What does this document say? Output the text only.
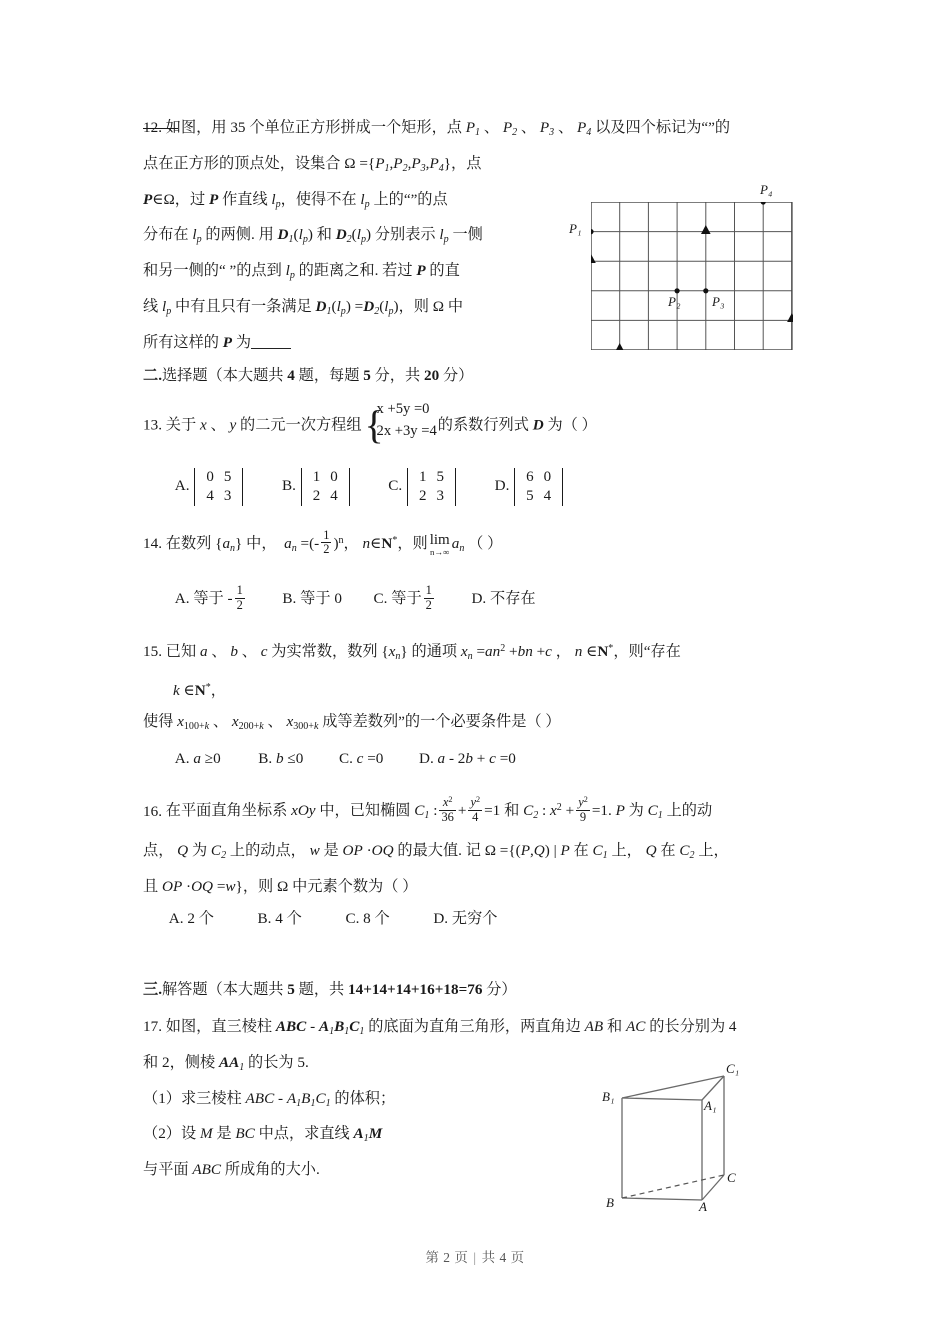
12. 如图，用 35 个单位正方形拼成一个矩形，点 $P_1$ 、 $P_2$ 、 $P_3$ 、 $P_4$ 以及四个标记为“”的
点在正方形的顶点处，设集合 $\Omega =\{P_1,P_2,P_3,P_4\}$，点
P∈Ω，过 P 作直线 $l_p$，使得不在 $l_p$ 上的“”的点
分布在 $l_p$ 的两侧. 用 $D_1(l_p)$ 和 $D_2(l_p)$ 分别表示 $l_p$ 一侧
和另一侧的“ ”的点到 $l_p$ 的距离之和. 若过 P 的直
线 $l_p$ 中有且只有一条满足 $D_1(l_p) =D_2(l_p)$，则 Ω 中
所有这样的 P 为
二.选择题（本大题共 4 题，每题 5 分，共 20 分）
13. 关于 x 、 y 的二元一次方程组 {
x +5y =0
2x +3y =4 的系数行列式 D 为（ ）
A.
0	5
4	3
B.
1	0
2	4
C.
1	5
2	3
D.
6	0
5	4
14. 在数列 $\{a_n\}$ 中，  $a_n$ =(- $\frac{1}{2} )^n$， n∈N*，则 lim
n→∞ $a_n$ （ ）
A. 等于 - $\frac{1}{2} B$. 等于 0 C. 等于 $\frac{1}{2} D$. 不存在
15. 已知 a 、 b 、 c 为实常数，数列 $\{x_n\}$ 的通项 $x_n =an^2 +bn +c$ ， n ∈N*，则“存在
k ∈N*，
使得 x100+k 、 x200+k 、 x300+k 成等差数列”的一个必要条件是（ ）
A. a ≥0 B. b ≤0 C. c =0 D. a - 2b + c =0
16. 在平面直角坐标系 xOy 中，已知椭圆 $C_1$ : $\frac{x^2}{36} + \frac{y^2}{4} =1$ 和 $C_2$ : $x^2 + \frac{y^2}{9} =1$. P 为 $C_1$ 上的动
点， Q 为 $C_2$ 上的动点， w 是 OP ·OQ 的最大值. 记 Ω ={(P,Q) | P 在 $C_1$ 上， Q 在 $C_2$ 上，
且 OP ·OQ =w}，则 Ω 中元素个数为（ ）
A. 2 个	B. 4 个	C. 8 个	D. 无穷个
三.解答题（本大题共 5 题，共 14+14+14+16+18=76 分）
17. 如图，直三棱柱 ABC - $A_1B_1C_1$ 的底面为直角三角形，两直角边 AB 和 AC 的长分别为 4
和 2，侧棱 $AA_1$ 的长为 5.
（1）求三棱柱 ABC - $A_1B_1C_1$ 的体积；
（2）设 M 是 BC 中点，求直线 $A_1M$
与平面 ABC 所成角的大小.
P₁
P₂ P₃
P₄
B₁
A₁
C₁
C
B	A
第 2 页 | 共 4 页
